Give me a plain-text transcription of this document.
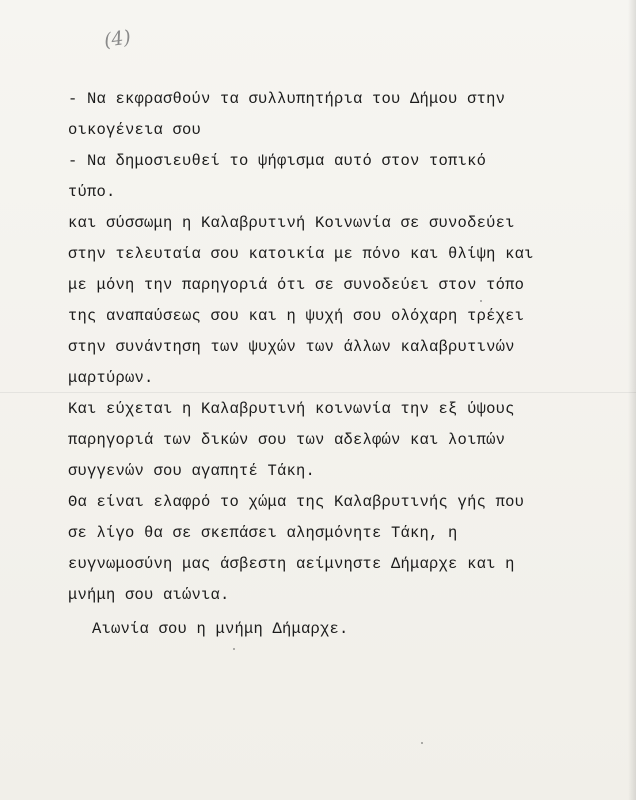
(4)
- Να εκφρασθούν τα συλλυπητήρια του Δήμου στην
οικογένεια σου
- Να δημοσιευθεί το ψήφισμα αυτό στον τοπικό
τύπο.
και σύσσωμη η Καλαβρυτινή Κοινωνία σε συνοδεύει
στην τελευταία σου κατοικία με πόνο και θλίψη και
με μόνη την παρηγοριά ότι σε συνοδεύει στον τόπο
της αναπαύσεως σου και η ψυχή σου ολόχαρη τρέχει
στην συνάντηση των ψυχών των άλλων καλαβρυτινών
μαρτύρων.
Και εύχεται η Καλαβρυτινή κοινωνία την εξ ύψους
παρηγοριά των δικών σου των αδελφών και λοιπών
συγγενών σου αγαπητέ Τάκη.
Θα είναι ελαφρό το χώμα της Καλαβρυτινής γής που
σε λίγο θα σε σκεπάσει αλησμόνητε Τάκη, η
ευγνωμοσύνη μας άσβεστη αείμνηστε Δήμαρχε και η
μνήμη σου αιώνια.
Αιωνία σου η μνήμη Δήμαρχε.
